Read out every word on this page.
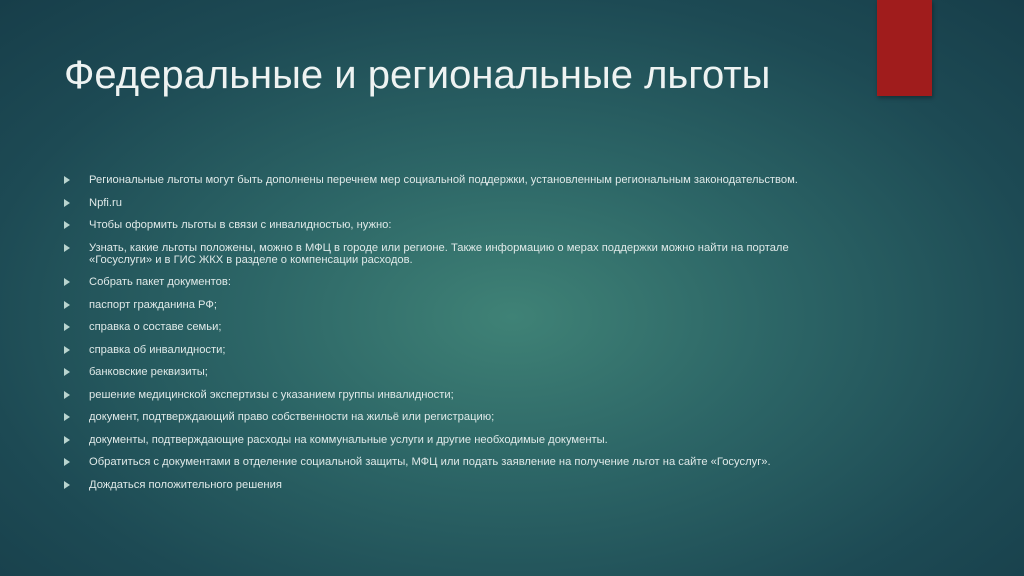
Федеральные и региональные льготы
Региональные льготы могут быть дополнены перечнем мер социальной поддержки, установленным региональным законодательством.
Npfi.ru
Чтобы оформить льготы в связи с инвалидностью, нужно:
Узнать, какие льготы положены, можно в МФЦ в городе или регионе. Также информацию о мерах поддержки можно найти на портале «Госуслуги» и в ГИС ЖКХ в разделе о компенсации расходов.
Собрать пакет документов:
паспорт гражданина РФ;
справка о составе семьи;
справка об инвалидности;
банковские реквизиты;
решение медицинской экспертизы с указанием группы инвалидности;
документ, подтверждающий право собственности на жильё или регистрацию;
документы, подтверждающие расходы на коммунальные услуги и другие необходимые документы.
Обратиться с документами в отделение социальной защиты, МФЦ или подать заявление на получение льгот на сайте «Госуслуг».
Дождаться положительного решения
